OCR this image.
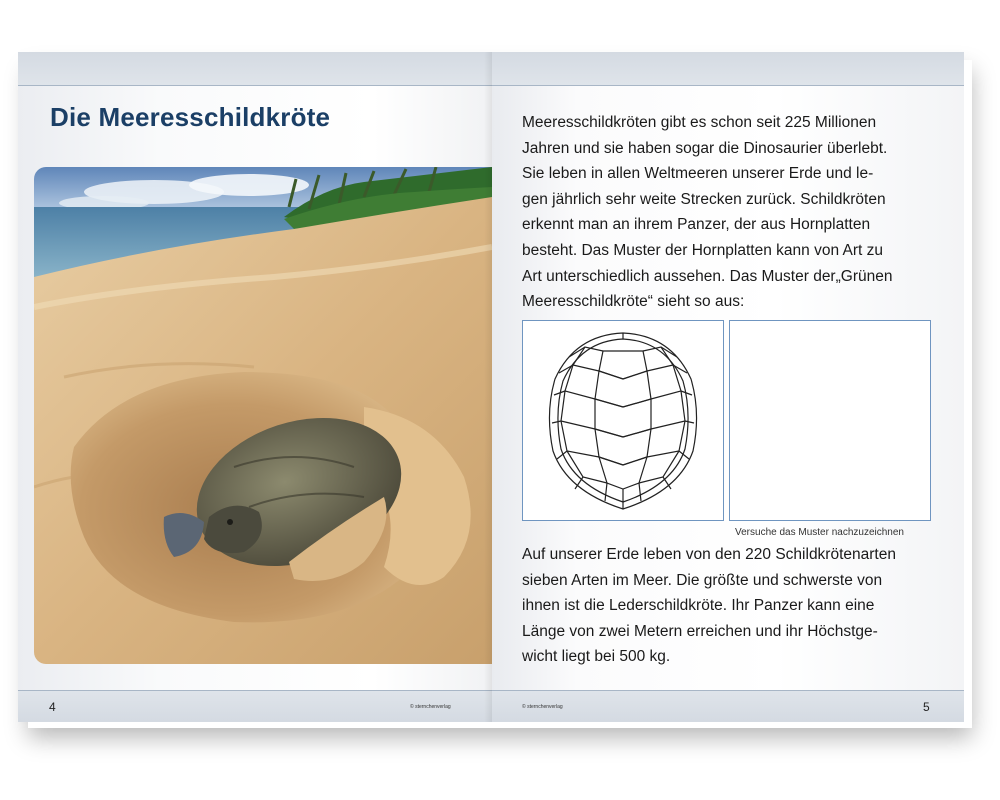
Die Meeresschildkröte
4	© sternchenverlag

Meeresschildkröten gibt es schon seit 225 Millionen
Jahren und sie haben sogar die Dinosaurier überlebt.
Sie leben in allen Weltmeeren unserer Erde und le-
gen jährlich sehr weite Strecken zurück. Schildkröten
erkennt man an ihrem Panzer, der aus Hornplatten
besteht. Das Muster der Hornplatten kann von Art zu
Art unterschiedlich aussehen. Das Muster der„Grünen
Meeresschildkröte“ sieht so aus:

Versuche das Muster nachzuzeichnen

Auf unserer Erde leben von den 220 Schildkrötenarten
sieben Arten im Meer. Die größte und schwerste von
ihnen ist die Lederschildkröte. Ihr Panzer kann eine
Länge von zwei Metern erreichen und ihr Höchstge-
wicht liegt bei 500 kg.

© sternchenverlag	5
